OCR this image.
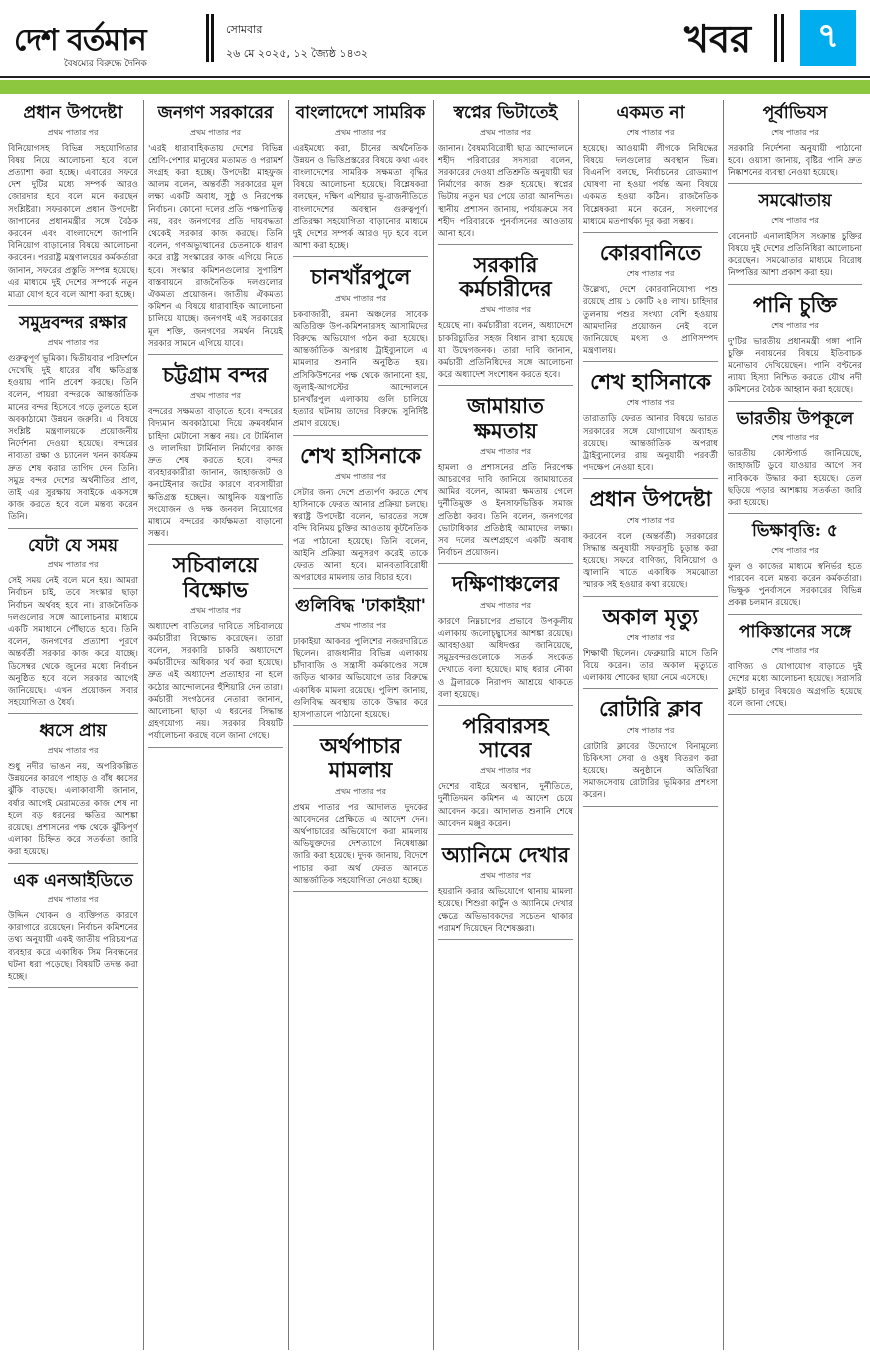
দেশ বর্তমান
বৈষম্যের বিরুদ্ধে দৈনিক
সোমবার
২৬ মে ২০২৫, ১২ জ্যৈষ্ঠ ১৪৩২	খবর	৭
প্রধান উপদেষ্টা
প্রথম পাতার পর
বিনিয়োগসহ বিভিন্ন সহযোগিতার বিষয় নিয়ে আলোচনা হবে বলে প্রত্যাশা করা হচ্ছে। এবারের সফরে দেশ দুটির মধ্যে সম্পর্ক আরও জোরদার হবে বলে মনে করছেন সংশ্লিষ্টরা। সফরকালে প্রধান উপদেষ্টা জাপানের প্রধানমন্ত্রীর সঙ্গে বৈঠক করবেন এবং বাংলাদেশে জাপানি বিনিয়োগ বাড়ানোর বিষয়ে আলোচনা করবেন। পররাষ্ট্র মন্ত্রণালয়ের কর্মকর্তারা জানান, সফরের প্রস্তুতি সম্পন্ন হয়েছে। এর মাধ্যমে দুই দেশের সম্পর্কে নতুন মাত্রা যোগ হবে বলে আশা করা হচ্ছে।
সমুদ্রবন্দর রক্ষার
প্রথম পাতার পর
গুরুত্বপূর্ণ ভূমিকা। দ্বিতীয়বার পরিদর্শনে দেখেছি দুই ধারের বাঁধ ক্ষতিগ্রস্ত হওয়ায় পানি প্রবেশ করছে। তিনি বলেন, পায়রা বন্দরকে আন্তর্জাতিক মানের বন্দর হিসেবে গড়ে তুলতে হলে অবকাঠামো উন্নয়ন জরুরি। এ বিষয়ে সংশ্লিষ্ট মন্ত্রণালয়কে প্রয়োজনীয় নির্দেশনা দেওয়া হয়েছে। বন্দরের নাব্যতা রক্ষা ও চ্যানেল খনন কার্যক্রম দ্রুত শেষ করার তাগিদ দেন তিনি। সমুদ্র বন্দর দেশের অর্থনীতির প্রাণ, তাই এর সুরক্ষায় সবাইকে একসঙ্গে কাজ করতে হবে বলে মন্তব্য করেন তিনি।
যেটা যে সময়
প্রথম পাতার পর
সেই সময় নেই বলে মনে হয়। আমরা নির্বাচন চাই, তবে সংস্কার ছাড়া নির্বাচন অর্থবহ হবে না। রাজনৈতিক দলগুলোর সঙ্গে আলোচনার মাধ্যমে একটি সমাধানে পৌঁছাতে হবে। তিনি বলেন, জনগণের প্রত্যাশা পূরণে অন্তর্বর্তী সরকার কাজ করে যাচ্ছে। ডিসেম্বর থেকে জুনের মধ্যে নির্বাচন অনুষ্ঠিত হবে বলে সরকার আগেই জানিয়েছে। এখন প্রয়োজন সবার সহযোগিতা ও ধৈর্য।
ধ্বসে প্রায়
প্রথম পাতার পর
শুধু নদীর ভাঙন নয়, অপরিকল্পিত উন্নয়নের কারণে পাহাড় ও বাঁধ ধ্বসের ঝুঁকি বাড়ছে। এলাকাবাসী জানান, বর্ষার আগেই মেরামতের কাজ শেষ না হলে বড় ধরনের ক্ষতির আশঙ্কা রয়েছে। প্রশাসনের পক্ষ থেকে ঝুঁকিপূর্ণ এলাকা চিহ্নিত করে সতর্কতা জারি করা হয়েছে।
এক এনআইডিতে
প্রথম পাতার পর
উদ্দিন খোকন ও ব্যক্তিগত কারণে কারাগারে রয়েছেন। নির্বাচন কমিশনের তথ্য অনুযায়ী একই জাতীয় পরিচয়পত্র ব্যবহার করে একাধিক সিম নিবন্ধনের ঘটনা ধরা পড়েছে। বিষয়টি তদন্ত করা হচ্ছে।
জনগণ সরকারের
প্রথম পাতার পর
'এরই ধারাবাহিকতায় দেশের বিভিন্ন শ্রেণি-পেশার মানুষের মতামত ও পরামর্শ সংগ্রহ করা হচ্ছে। উপদেষ্টা মাহফুজ আলম বলেন, অন্তর্বর্তী সরকারের মূল লক্ষ্য একটি অবাধ, সুষ্ঠু ও নিরপেক্ষ নির্বাচন। কোনো দলের প্রতি পক্ষপাতিত্ব নয়, বরং জনগণের প্রতি দায়বদ্ধতা থেকেই সরকার কাজ করছে। তিনি বলেন, গণঅভ্যুত্থানের চেতনাকে ধারণ করে রাষ্ট্র সংস্কারের কাজ এগিয়ে নিতে হবে। সংস্কার কমিশনগুলোর সুপারিশ বাস্তবায়নে রাজনৈতিক দলগুলোর ঐকমত্য প্রয়োজন। জাতীয় ঐকমত্য কমিশন এ বিষয়ে ধারাবাহিক আলোচনা চালিয়ে যাচ্ছে। জনগণই এই সরকারের মূল শক্তি, জনগণের সমর্থন নিয়েই সরকার সামনে এগিয়ে যাবে।
চট্টগ্রাম বন্দর
প্রথম পাতার পর
বন্দরের সক্ষমতা বাড়াতে হবে। বন্দরের বিদ্যমান অবকাঠামো দিয়ে ক্রমবর্ধমান চাহিদা মেটানো সম্ভব নয়। বে টার্মিনাল ও লালদিয়া টার্মিনাল নির্মাণের কাজ দ্রুত শেষ করতে হবে। বন্দর ব্যবহারকারীরা জানান, জাহাজজট ও কনটেইনার জটের কারণে ব্যবসায়ীরা ক্ষতিগ্রস্ত হচ্ছেন। আধুনিক যন্ত্রপাতি সংযোজন ও দক্ষ জনবল নিয়োগের মাধ্যমে বন্দরের কার্যক্ষমতা বাড়ানো সম্ভব।
সচিবালয়ে বিক্ষোভ
প্রথম পাতার পর
অধ্যাদেশ বাতিলের দাবিতে সচিবালয়ে কর্মচারীরা বিক্ষোভ করেছেন। তারা বলেন, সরকারি চাকরি অধ্যাদেশে কর্মচারীদের অধিকার খর্ব করা হয়েছে। দ্রুত এই অধ্যাদেশ প্রত্যাহার না হলে কঠোর আন্দোলনের হুঁশিয়ারি দেন তারা। কর্মচারী সংগঠনের নেতারা জানান, আলোচনা ছাড়া এ ধরনের সিদ্ধান্ত গ্রহণযোগ্য নয়। সরকার বিষয়টি পর্যালোচনা করছে বলে জানা গেছে।
বাংলাদেশে সামরিক
প্রথম পাতার পর
এরইমধ্যে করা, চীনের অর্থনৈতিক উন্নয়ন ও ভিত্তিপ্রস্তরের বিষয়ে কথা এবং বাংলাদেশের সামরিক সক্ষমতা বৃদ্ধির বিষয়ে আলোচনা হয়েছে। বিশ্লেষকরা বলছেন, দক্ষিণ এশিয়ার ভূ-রাজনীতিতে বাংলাদেশের অবস্থান গুরুত্বপূর্ণ। প্রতিরক্ষা সহযোগিতা বাড়ানোর মাধ্যমে দুই দেশের সম্পর্ক আরও দৃঢ় হবে বলে আশা করা হচ্ছে।
চানখাঁরপুলে
প্রথম পাতার পর
চকবাজারী, রমনা অঞ্চলের সাবেক অতিরিক্ত উপ-কমিশনারসহ আসামিদের বিরুদ্ধে অভিযোগ গঠন করা হয়েছে। আন্তর্জাতিক অপরাধ ট্রাইব্যুনালে এ মামলার শুনানি অনুষ্ঠিত হয়। প্রসিকিউশনের পক্ষ থেকে জানানো হয়, জুলাই-আগস্টের আন্দোলনে চানখাঁরপুল এলাকায় গুলি চালিয়ে হত্যার ঘটনায় তাদের বিরুদ্ধে সুনির্দিষ্ট প্রমাণ রয়েছে।
শেখ হাসিনাকে
প্রথম পাতার পর
সেটার জন্য দেশে প্রত্যর্পণ করতে শেখ হাসিনাকে ফেরত আনার প্রক্রিয়া চলছে। স্বরাষ্ট্র উপদেষ্টা বলেন, ভারতের সঙ্গে বন্দি বিনিময় চুক্তির আওতায় কূটনৈতিক পত্র পাঠানো হয়েছে। তিনি বলেন, আইনি প্রক্রিয়া অনুসরণ করেই তাকে ফেরত আনা হবে। মানবতাবিরোধী অপরাধের মামলায় তার বিচার হবে।
গুলিবিদ্ধ 'ঢাকাইয়া'
প্রথম পাতার পর
ঢাকাইয়া আকবর পুলিশের নজরদারিতে ছিলেন। রাজধানীর বিভিন্ন এলাকায় চাঁদাবাজি ও সন্ত্রাসী কর্মকাণ্ডের সঙ্গে জড়িত থাকার অভিযোগে তার বিরুদ্ধে একাধিক মামলা রয়েছে। পুলিশ জানায়, গুলিবিদ্ধ অবস্থায় তাকে উদ্ধার করে হাসপাতালে পাঠানো হয়েছে।
অর্থপাচার মামলায়
প্রথম পাতার পর
প্রথম পাতার পর আদালত দুদকের আবেদনের প্রেক্ষিতে এ আদেশ দেন। অর্থপাচারের অভিযোগে করা মামলায় অভিযুক্তদের দেশত্যাগে নিষেধাজ্ঞা জারি করা হয়েছে। দুদক জানায়, বিদেশে পাচার করা অর্থ ফেরত আনতে আন্তর্জাতিক সহযোগিতা নেওয়া হচ্ছে।
স্বপ্নের ভিটাতেই
প্রথম পাতার পর
জানান। বৈষম্যবিরোধী ছাত্র আন্দোলনে শহীদ পরিবারের সদস্যরা বলেন, সরকারের দেওয়া প্রতিশ্রুতি অনুযায়ী ঘর নির্মাণের কাজ শুরু হয়েছে। স্বপ্নের ভিটায় নতুন ঘর পেয়ে তারা আনন্দিত। স্থানীয় প্রশাসন জানায়, পর্যায়ক্রমে সব শহীদ পরিবারকে পুনর্বাসনের আওতায় আনা হবে।
সরকারি কর্মচারীদের
প্রথম পাতার পর
হয়েছে না। কর্মচারীরা বলেন, অধ্যাদেশে চাকরিচ্যুতির সহজ বিধান রাখা হয়েছে যা উদ্বেগজনক। তারা দাবি জানান, কর্মচারী প্রতিনিধিদের সঙ্গে আলোচনা করে অধ্যাদেশ সংশোধন করতে হবে।
জামায়াত ক্ষমতায়
প্রথম পাতার পর
হামলা ও প্রশাসনের প্রতি নিরপেক্ষ আচরণের দাবি জানিয়ে জামায়াতের আমির বলেন, আমরা ক্ষমতায় গেলে দুর্নীতিমুক্ত ও ইনসাফভিত্তিক সমাজ প্রতিষ্ঠা করব। তিনি বলেন, জনগণের ভোটাধিকার প্রতিষ্ঠাই আমাদের লক্ষ্য। সব দলের অংশগ্রহণে একটি অবাধ নির্বাচন প্রয়োজন।
দক্ষিণাঞ্চলের
প্রথম পাতার পর
কারণে নিম্নচাপের প্রভাবে উপকূলীয় এলাকায় জলোচ্ছ্বাসের আশঙ্কা রয়েছে। আবহাওয়া অধিদপ্তর জানিয়েছে, সমুদ্রবন্দরগুলোকে সতর্ক সংকেত দেখাতে বলা হয়েছে। মাছ ধরার নৌকা ও ট্রলারকে নিরাপদ আশ্রয়ে থাকতে বলা হয়েছে।
পরিবারসহ সাবের
প্রথম পাতার পর
দেশের বাইরে অবস্থান, দুর্নীতিতে, দুর্নীতিদমন কমিশন এ আদেশ চেয়ে আবেদন করে। আদালত শুনানি শেষে আবেদন মঞ্জুর করেন।
অ্যানিমে দেখার
প্রথম পাতার পর
হয়রানি করার অভিযোগে থানায় মামলা হয়েছে। শিশুরা কার্টুন ও অ্যানিমে দেখার ক্ষেত্রে অভিভাবকদের সচেতন থাকার পরামর্শ দিয়েছেন বিশেষজ্ঞরা।
একমত না
শেষ পাতার পর
হয়েছে। আওয়ামী লীগকে নিষিদ্ধের বিষয়ে দলগুলোর অবস্থান ভিন্ন। বিএনপি বলছে, নির্বাচনের রোডম্যাপ ঘোষণা না হওয়া পর্যন্ত অন্য বিষয়ে একমত হওয়া কঠিন। রাজনৈতিক বিশ্লেষকরা মনে করেন, সংলাপের মাধ্যমে মতপার্থক্য দূর করা সম্ভব।
কোরবানিতে
শেষ পাতার পর
উল্লেখ্য, দেশে কোরবানিযোগ্য পশু রয়েছে প্রায় ১ কোটি ২৪ লাখ। চাহিদার তুলনায় পশুর সংখ্যা বেশি হওয়ায় আমদানির প্রয়োজন নেই বলে জানিয়েছে মৎস্য ও প্রাণিসম্পদ মন্ত্রণালয়।
শেখ হাসিনাকে
শেষ পাতার পর
তারাতাড়ি ফেরত আনার বিষয়ে ভারত সরকারের সঙ্গে যোগাযোগ অব্যাহত রয়েছে। আন্তর্জাতিক অপরাধ ট্রাইব্যুনালের রায় অনুযায়ী পরবর্তী পদক্ষেপ নেওয়া হবে।
প্রধান উপদেষ্টা
শেষ পাতার পর
করবেন বলে (অন্তর্বর্তী) সরকারের সিদ্ধান্ত অনুযায়ী সফরসূচি চূড়ান্ত করা হয়েছে। সফরে বাণিজ্য, বিনিয়োগ ও জ্বালানি খাতে একাধিক সমঝোতা স্মারক সই হওয়ার কথা রয়েছে।
অকাল মৃত্যু
শেষ পাতার পর
শিক্ষার্থী ছিলেন। ফেব্রুয়ারি মাসে তিনি বিয়ে করেন। তার অকাল মৃত্যুতে এলাকায় শোকের ছায়া নেমে এসেছে।
রোটারি ক্লাব
শেষ পাতার পর
রোটারি ক্লাবের উদ্যোগে বিনামূল্যে চিকিৎসা সেবা ও ওষুধ বিতরণ করা হয়েছে। অনুষ্ঠানে অতিথিরা সমাজসেবায় রোটারির ভূমিকার প্রশংসা করেন।
পূর্বাভিযস
শেষ পাতার পর
সরকারি নির্দেশনা অনুযায়ী পাঠানো হবে। ওয়াসা জানায়, বৃষ্টির পানি দ্রুত নিষ্কাশনের ব্যবস্থা নেওয়া হয়েছে।
সমঝোতায়
শেষ পাতার পর
বেনেনাট এনালাইসিস সংক্রান্ত চুক্তির বিষয়ে দুই দেশের প্রতিনিধিরা আলোচনা করেছেন। সমঝোতার মাধ্যমে বিরোধ নিষ্পত্তির আশা প্রকাশ করা হয়।
পানি চুক্তি
শেষ পাতার পর
দু'টির ভারতীয় প্রধানমন্ত্রী গঙ্গা পানি চুক্তি নবায়নের বিষয়ে ইতিবাচক মনোভাব দেখিয়েছেন। পানি বণ্টনের ন্যায্য হিস্যা নিশ্চিত করতে যৌথ নদী কমিশনের বৈঠক আহ্বান করা হয়েছে।
ভারতীয় উপকূলে
শেষ পাতার পর
ভারতীয় কোস্টগার্ড জানিয়েছে, জাহাজটি ডুবে যাওয়ার আগে সব নাবিককে উদ্ধার করা হয়েছে। তেল ছড়িয়ে পড়ার আশঙ্কায় সতর্কতা জারি করা হয়েছে।
ভিক্ষাবৃত্তি: ৫
শেষ পাতার পর
ফুল ও কাজের মাধ্যমে স্বনির্ভর হতে পারবেন বলে মন্তব্য করেন কর্মকর্তারা। ভিক্ষুক পুনর্বাসনে সরকারের বিভিন্ন প্রকল্প চলমান রয়েছে।
পাকিস্তানের সঙ্গে
শেষ পাতার পর
বাণিজ্য ও যোগাযোগ বাড়াতে দুই দেশের মধ্যে আলোচনা হয়েছে। সরাসরি ফ্লাইট চালুর বিষয়েও অগ্রগতি হয়েছে বলে জানা গেছে।
